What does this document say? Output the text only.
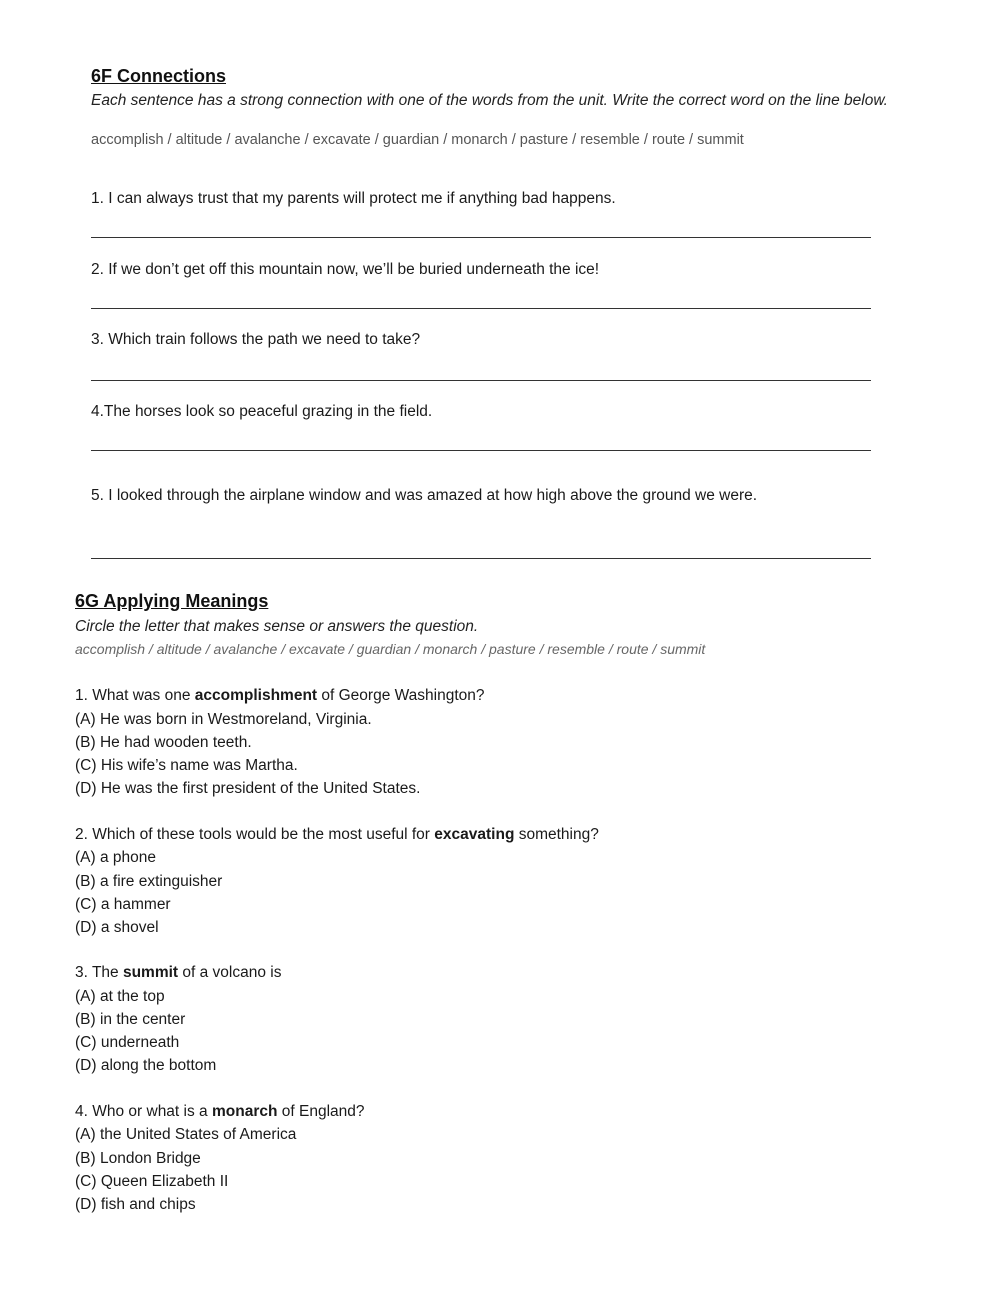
6F Connections
Each sentence has a strong connection with one of the words from the unit. Write the correct word on the line below.
accomplish / altitude / avalanche / excavate / guardian / monarch / pasture / resemble / route / summit
1. I can always trust that my parents will protect me if anything bad happens.
2. If we don’t get off this mountain now, we’ll be buried underneath the ice!
3. Which train follows the path we need to take?
4.The horses look so peaceful grazing in the field.
5. I looked through the airplane window and was amazed at how high above the ground we were.
6G Applying Meanings
Circle the letter that makes sense or answers the question.
accomplish / altitude / avalanche / excavate / guardian / monarch / pasture / resemble / route / summit
1. What was one accomplishment of George Washington?
(A) He was born in Westmoreland, Virginia.
(B) He had wooden teeth.
(C) His wife’s name was Martha.
(D) He was the first president of the United States.
2. Which of these tools would be the most useful for excavating something?
(A) a phone
(B) a fire extinguisher
(C) a hammer
(D) a shovel
3. The summit of a volcano is
(A) at the top
(B) in the center
(C) underneath
(D) along the bottom
4. Who or what is a monarch of England?
(A) the United States of America
(B) London Bridge
(C) Queen Elizabeth II
(D) fish and chips
